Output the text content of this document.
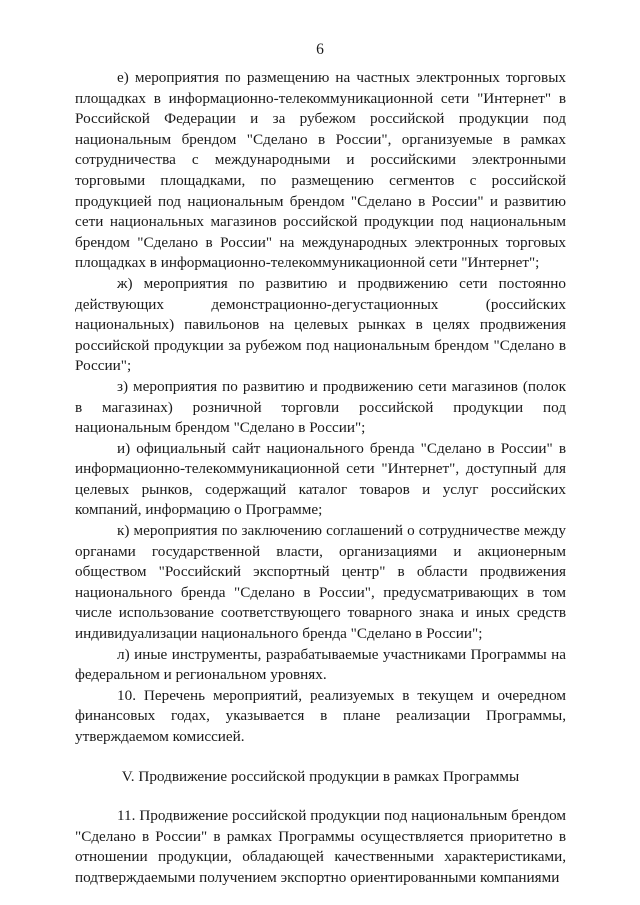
6

е) мероприятия по размещению на частных электронных торговых площадках в информационно-телекоммуникационной сети "Интернет" в Российской Федерации и за рубежом российской продукции под национальным брендом "Сделано в России", организуемые в рамках сотрудничества с международными и российскими электронными торговыми площадками, по размещению сегментов с российской продукцией под национальным брендом "Сделано в России" и развитию сети национальных магазинов российской продукции под национальным брендом "Сделано в России" на международных электронных торговых площадках в информационно-телекоммуникационной сети "Интернет";

ж) мероприятия по развитию и продвижению сети постоянно действующих демонстрационно-дегустационных (российских национальных) павильонов на целевых рынках в целях продвижения российской продукции за рубежом под национальным брендом "Сделано в России";

з) мероприятия по развитию и продвижению сети магазинов (полок в магазинах) розничной торговли российской продукции под национальным брендом "Сделано в России";

и) официальный сайт национального бренда "Сделано в России" в информационно-телекоммуникационной сети "Интернет", доступный для целевых рынков, содержащий каталог товаров и услуг российских компаний, информацию о Программе;

к) мероприятия по заключению соглашений о сотрудничестве между органами государственной власти, организациями и акционерным обществом "Российский экспортный центр" в области продвижения национального бренда "Сделано в России", предусматривающих в том числе использование соответствующего товарного знака и иных средств индивидуализации национального бренда "Сделано в России";

л) иные инструменты, разрабатываемые участниками Программы на федеральном и региональном уровнях.

10. Перечень мероприятий, реализуемых в текущем и очередном финансовых годах, указывается в плане реализации Программы, утверждаемом комиссией.

V. Продвижение российской продукции в рамках Программы

11. Продвижение российской продукции под национальным брендом "Сделано в России" в рамках Программы осуществляется приоритетно в отношении продукции, обладающей качественными характеристиками, подтверждаемыми получением экспортно ориентированными компаниями
